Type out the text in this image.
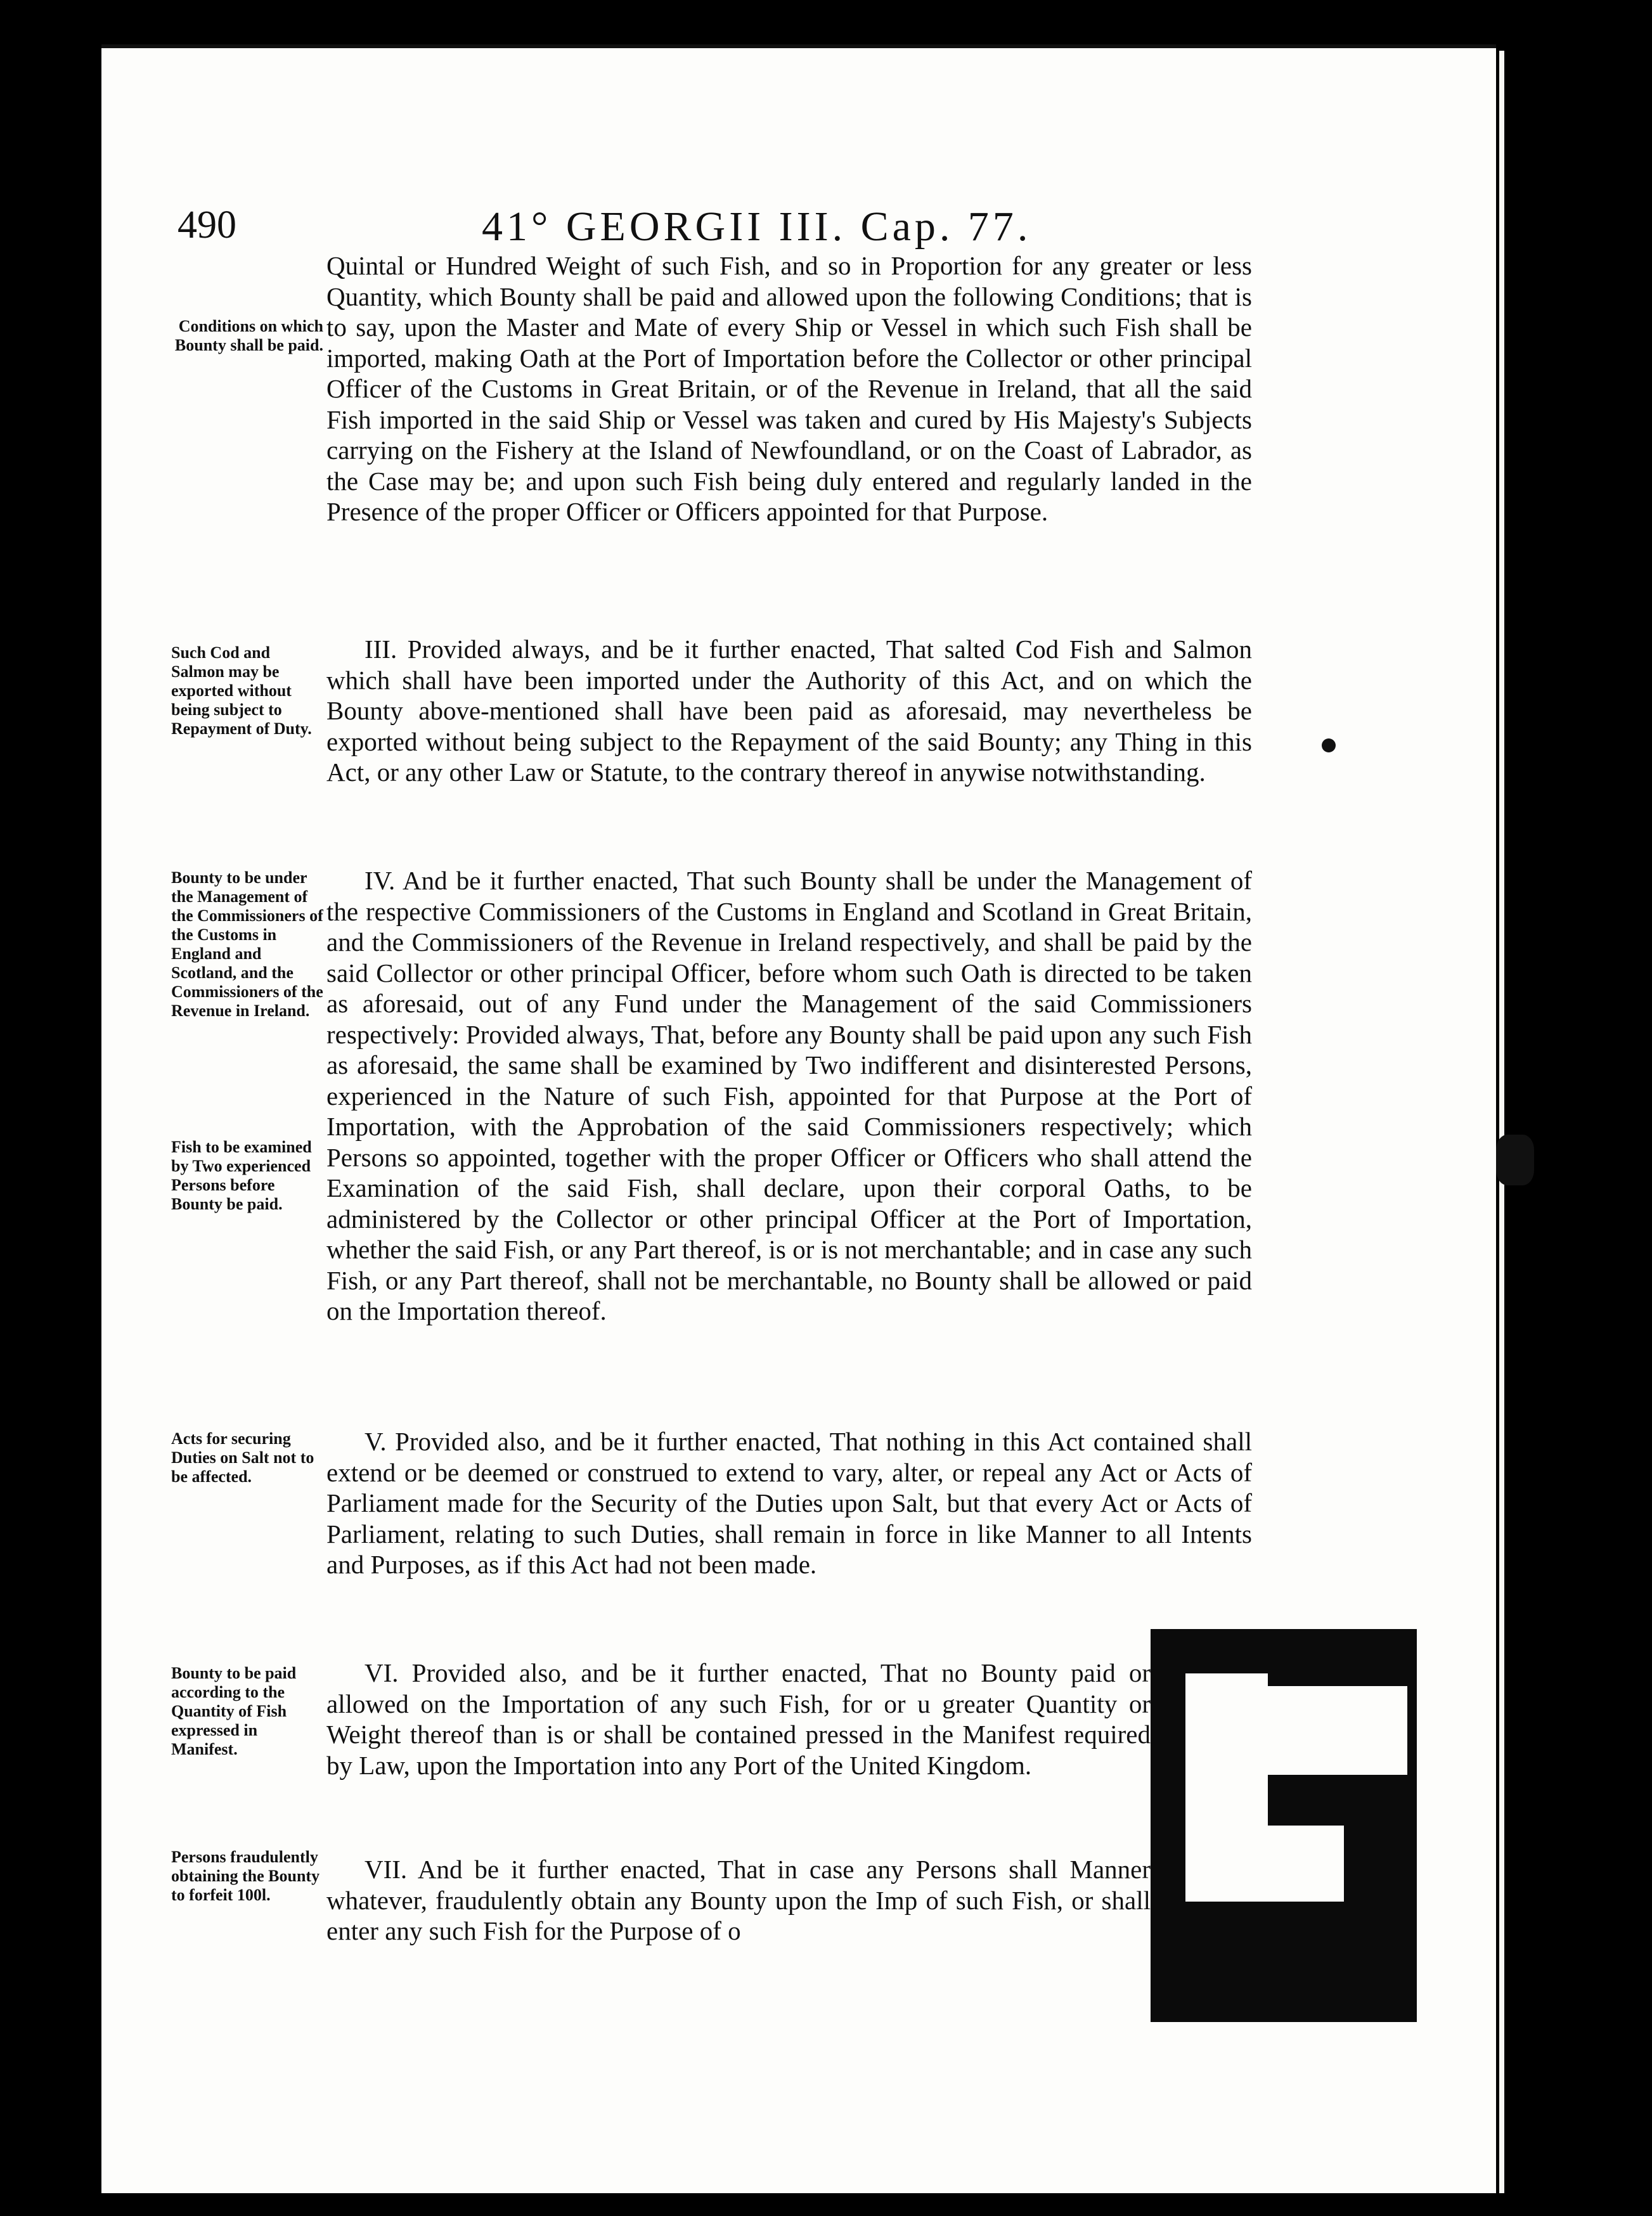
490	41° GEORGII III. Cap. 77.
Conditions on which Bounty shall be paid.
Such Cod and Salmon may be exported without being subject to Repayment of Duty.
Bounty to be under the Management of the Commissioners of the Customs in England and Scotland, and the Commissioners of the Revenue in Ireland.
Fish to be examined by Two experienced Persons before Bounty be paid.
Acts for securing Duties on Salt not to be affected.
Bounty to be paid according to the Quantity of Fish expressed in Manifest.
Persons fraudulently obtaining the Bounty to forfeit 100l.

Quintal or Hundred Weight of such Fish, and so in Proportion for any greater or less Quantity, which Bounty shall be paid and allowed upon the following Conditions; that is to say, upon the Master and Mate of every Ship or Vessel in which such Fish shall be imported, making Oath at the Port of Importation before the Collector or other principal Officer of the Customs in Great Britain, or of the Revenue in Ireland, that all the said Fish imported in the said Ship or Vessel was taken and cured by His Majesty's Subjects carrying on the Fishery at the Island of Newfoundland, or on the Coast of Labrador, as the Case may be; and upon such Fish being duly entered and regularly landed in the Presence of the proper Officer or Officers appointed for that Purpose.

III. Provided always, and be it further enacted, That salted Cod Fish and Salmon which shall have been imported under the Authority of this Act, and on which the Bounty above-mentioned shall have been paid as aforesaid, may nevertheless be exported without being subject to the Repayment of the said Bounty; any Thing in this Act, or any other Law or Statute, to the contrary thereof in anywise notwithstanding.

IV. And be it further enacted, That such Bounty shall be under the Management of the respective Commissioners of the Customs in England and Scotland in Great Britain, and the Commissioners of the Revenue in Ireland respectively, and shall be paid by the said Collector or other principal Officer, before whom such Oath is directed to be taken as aforesaid, out of any Fund under the Management of the said Commissioners respectively: Provided always, That, before any Bounty shall be paid upon any such Fish as aforesaid, the same shall be examined by Two indifferent and disinterested Persons, experienced in the Nature of such Fish, appointed for that Purpose at the Port of Importation, with the Approbation of the said Commissioners respectively; which Persons so appointed, together with the proper Officer or Officers who shall attend the Examination of the said Fish, shall declare, upon their corporal Oaths, to be administered by the Collector or other principal Officer at the Port of Importation, whether the said Fish, or any Part thereof, is or is not merchantable; and in case any such Fish, or any Part thereof, shall not be merchantable, no Bounty shall be allowed or paid on the Importation thereof.

V. Provided also, and be it further enacted, That nothing in this Act contained shall extend or be deemed or construed to extend to vary, alter, or repeal any Act or Acts of Parliament made for the Security of the Duties upon Salt, but that every Act or Acts of Parliament, relating to such Duties, shall remain in force in like Manner to all Intents and Purposes, as if this Act had not been made.

VI. Provided also, and be it further enacted, That no Bounty paid or allowed on the Importation of any such Fish, for or u greater Quantity or Weight thereof than is or shall be contained pressed in the Manifest required by Law, upon the Importation into any Port of the United Kingdom.

VII. And be it further enacted, That in case any Persons shall Manner whatever, fraudulently obtain any Bounty upon the Imp of such Fish, or shall enter any such Fish for the Purpose of o
